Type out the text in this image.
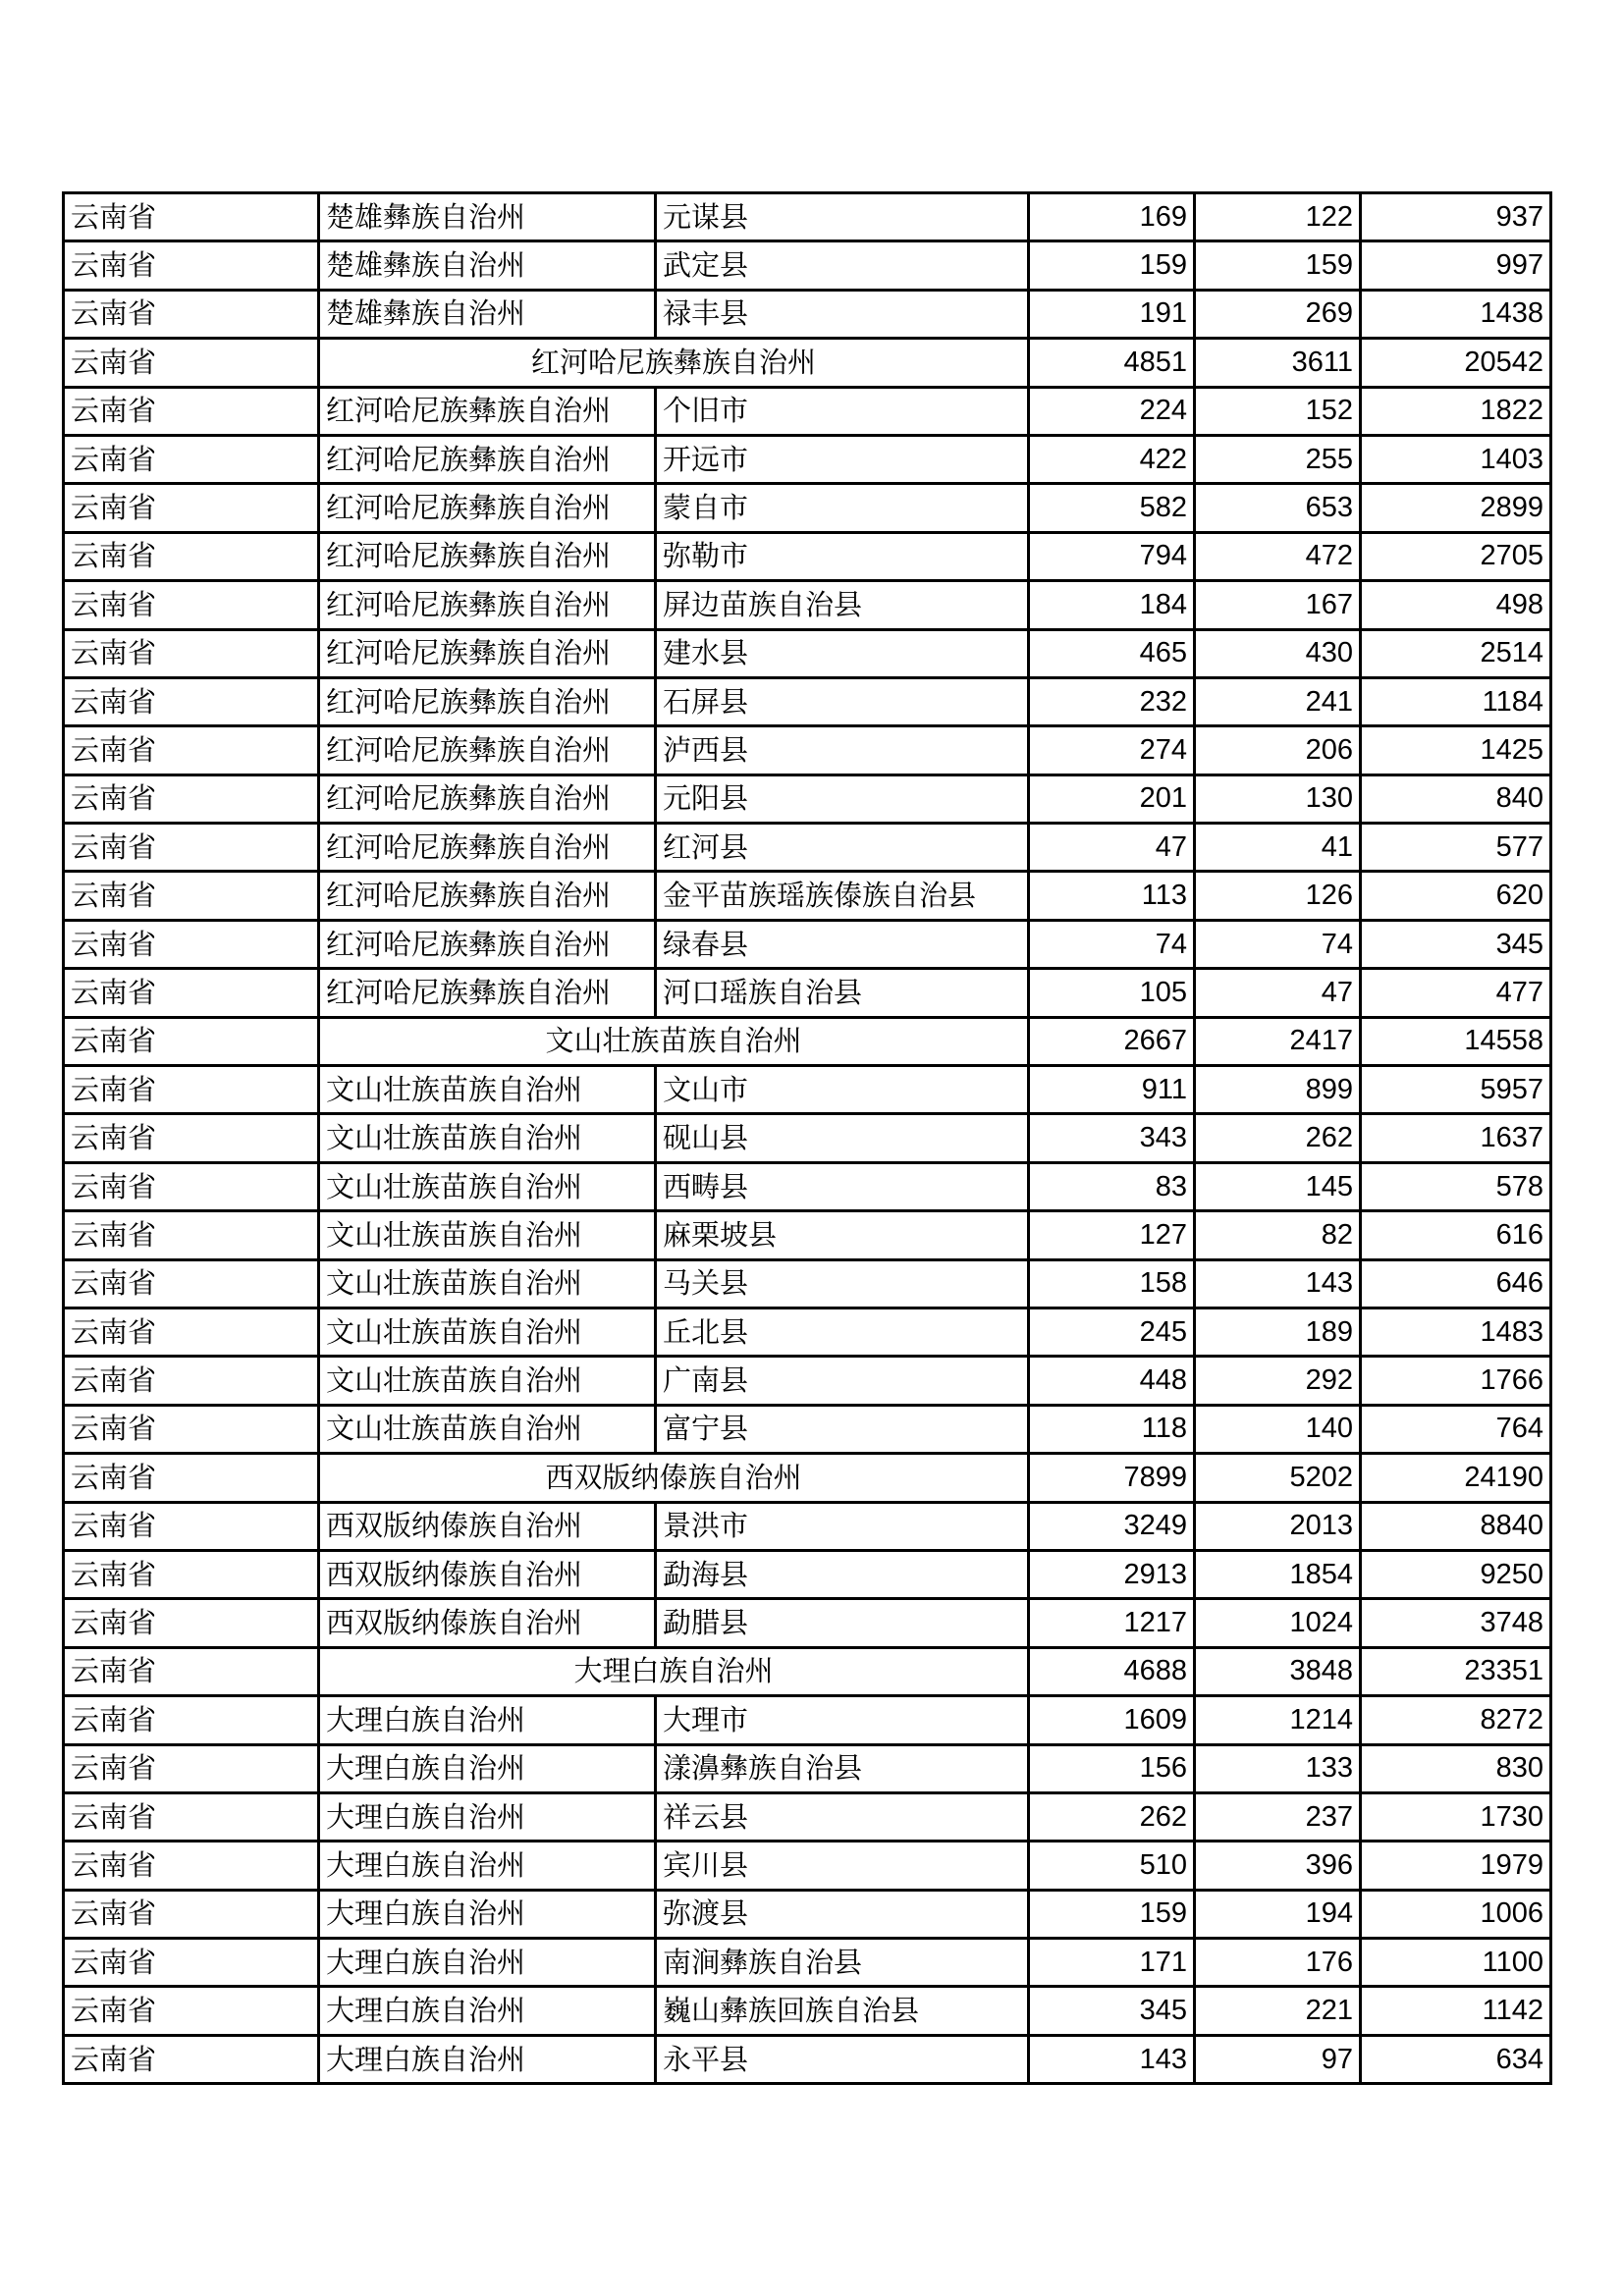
云南省	楚雄彝族自治州	元谋县	169	122	937
云南省	楚雄彝族自治州	武定县	159	159	997
云南省	楚雄彝族自治州	禄丰县	191	269	1438
云南省	红河哈尼族彝族自治州		4851	3611	20542
云南省	红河哈尼族彝族自治州	个旧市	224	152	1822
云南省	红河哈尼族彝族自治州	开远市	422	255	1403
云南省	红河哈尼族彝族自治州	蒙自市	582	653	2899
云南省	红河哈尼族彝族自治州	弥勒市	794	472	2705
云南省	红河哈尼族彝族自治州	屏边苗族自治县	184	167	498
云南省	红河哈尼族彝族自治州	建水县	465	430	2514
云南省	红河哈尼族彝族自治州	石屏县	232	241	1184
云南省	红河哈尼族彝族自治州	泸西县	274	206	1425
云南省	红河哈尼族彝族自治州	元阳县	201	130	840
云南省	红河哈尼族彝族自治州	红河县	47	41	577
云南省	红河哈尼族彝族自治州	金平苗族瑶族傣族自治县	113	126	620
云南省	红河哈尼族彝族自治州	绿春县	74	74	345
云南省	红河哈尼族彝族自治州	河口瑶族自治县	105	47	477
云南省	文山壮族苗族自治州		2667	2417	14558
云南省	文山壮族苗族自治州	文山市	911	899	5957
云南省	文山壮族苗族自治州	砚山县	343	262	1637
云南省	文山壮族苗族自治州	西畴县	83	145	578
云南省	文山壮族苗族自治州	麻栗坡县	127	82	616
云南省	文山壮族苗族自治州	马关县	158	143	646
云南省	文山壮族苗族自治州	丘北县	245	189	1483
云南省	文山壮族苗族自治州	广南县	448	292	1766
云南省	文山壮族苗族自治州	富宁县	118	140	764
云南省	西双版纳傣族自治州		7899	5202	24190
云南省	西双版纳傣族自治州	景洪市	3249	2013	8840
云南省	西双版纳傣族自治州	勐海县	2913	1854	9250
云南省	西双版纳傣族自治州	勐腊县	1217	1024	3748
云南省	大理白族自治州		4688	3848	23351
云南省	大理白族自治州	大理市	1609	1214	8272
云南省	大理白族自治州	漾濞彝族自治县	156	133	830
云南省	大理白族自治州	祥云县	262	237	1730
云南省	大理白族自治州	宾川县	510	396	1979
云南省	大理白族自治州	弥渡县	159	194	1006
云南省	大理白族自治州	南涧彝族自治县	171	176	1100
云南省	大理白族自治州	巍山彝族回族自治县	345	221	1142
云南省	大理白族自治州	永平县	143	97	634
